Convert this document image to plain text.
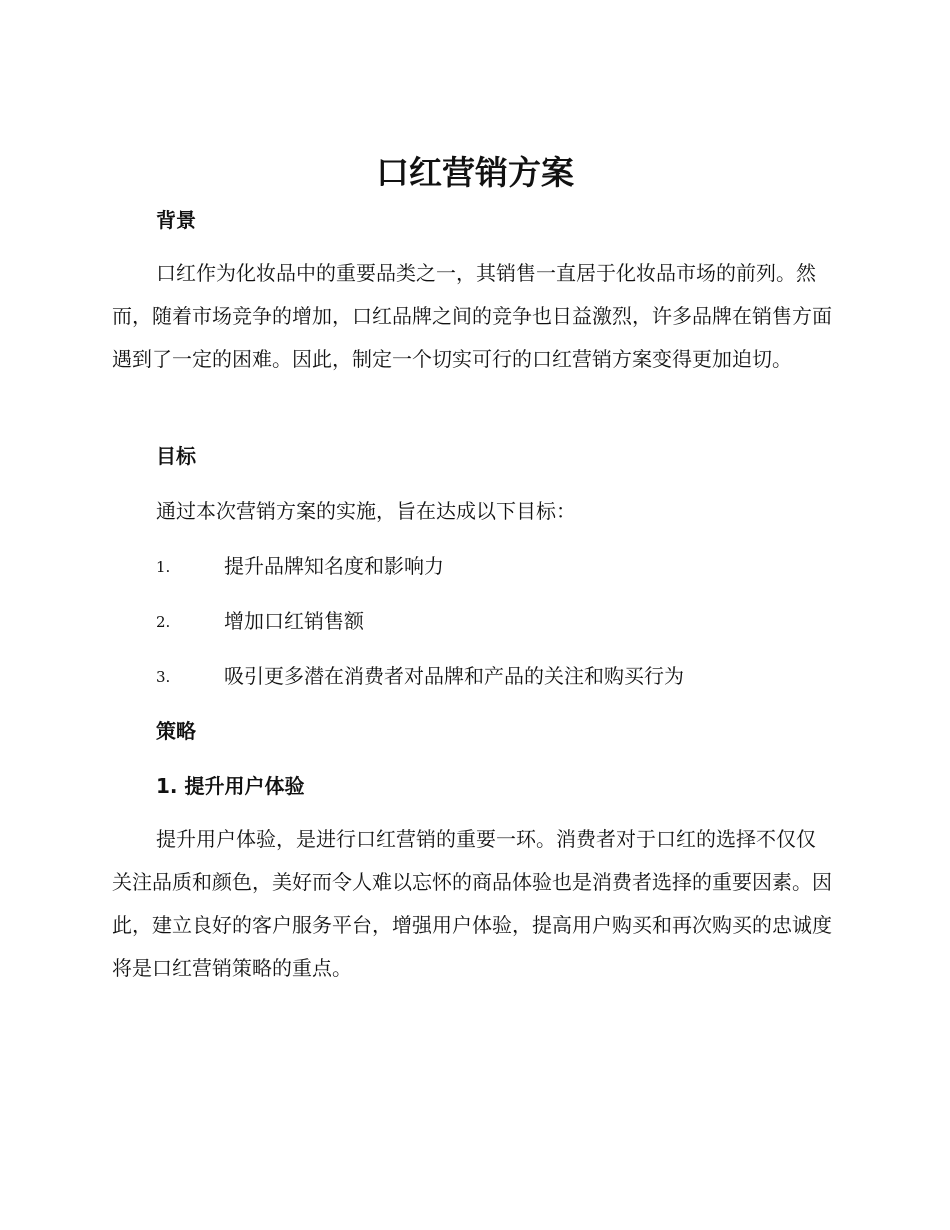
口红营销方案
背景
口红作为化妆品中的重要品类之一，其销售一直居于化妆品市场的前列。然而，随着市场竞争的增加，口红品牌之间的竞争也日益激烈，许多品牌在销售方面遇到了一定的困难。因此，制定一个切实可行的口红营销方案变得更加迫切。
目标
通过本次营销方案的实施，旨在达成以下目标：
1.	提升品牌知名度和影响力
2.	增加口红销售额
3.	吸引更多潜在消费者对品牌和产品的关注和购买行为
策略
1. 提升用户体验
提升用户体验，是进行口红营销的重要一环。消费者对于口红的选择不仅仅关注品质和颜色，美好而令人难以忘怀的商品体验也是消费者选择的重要因素。因此，建立良好的客户服务平台，增强用户体验，提高用户购买和再次购买的忠诚度将是口红营销策略的重点。
